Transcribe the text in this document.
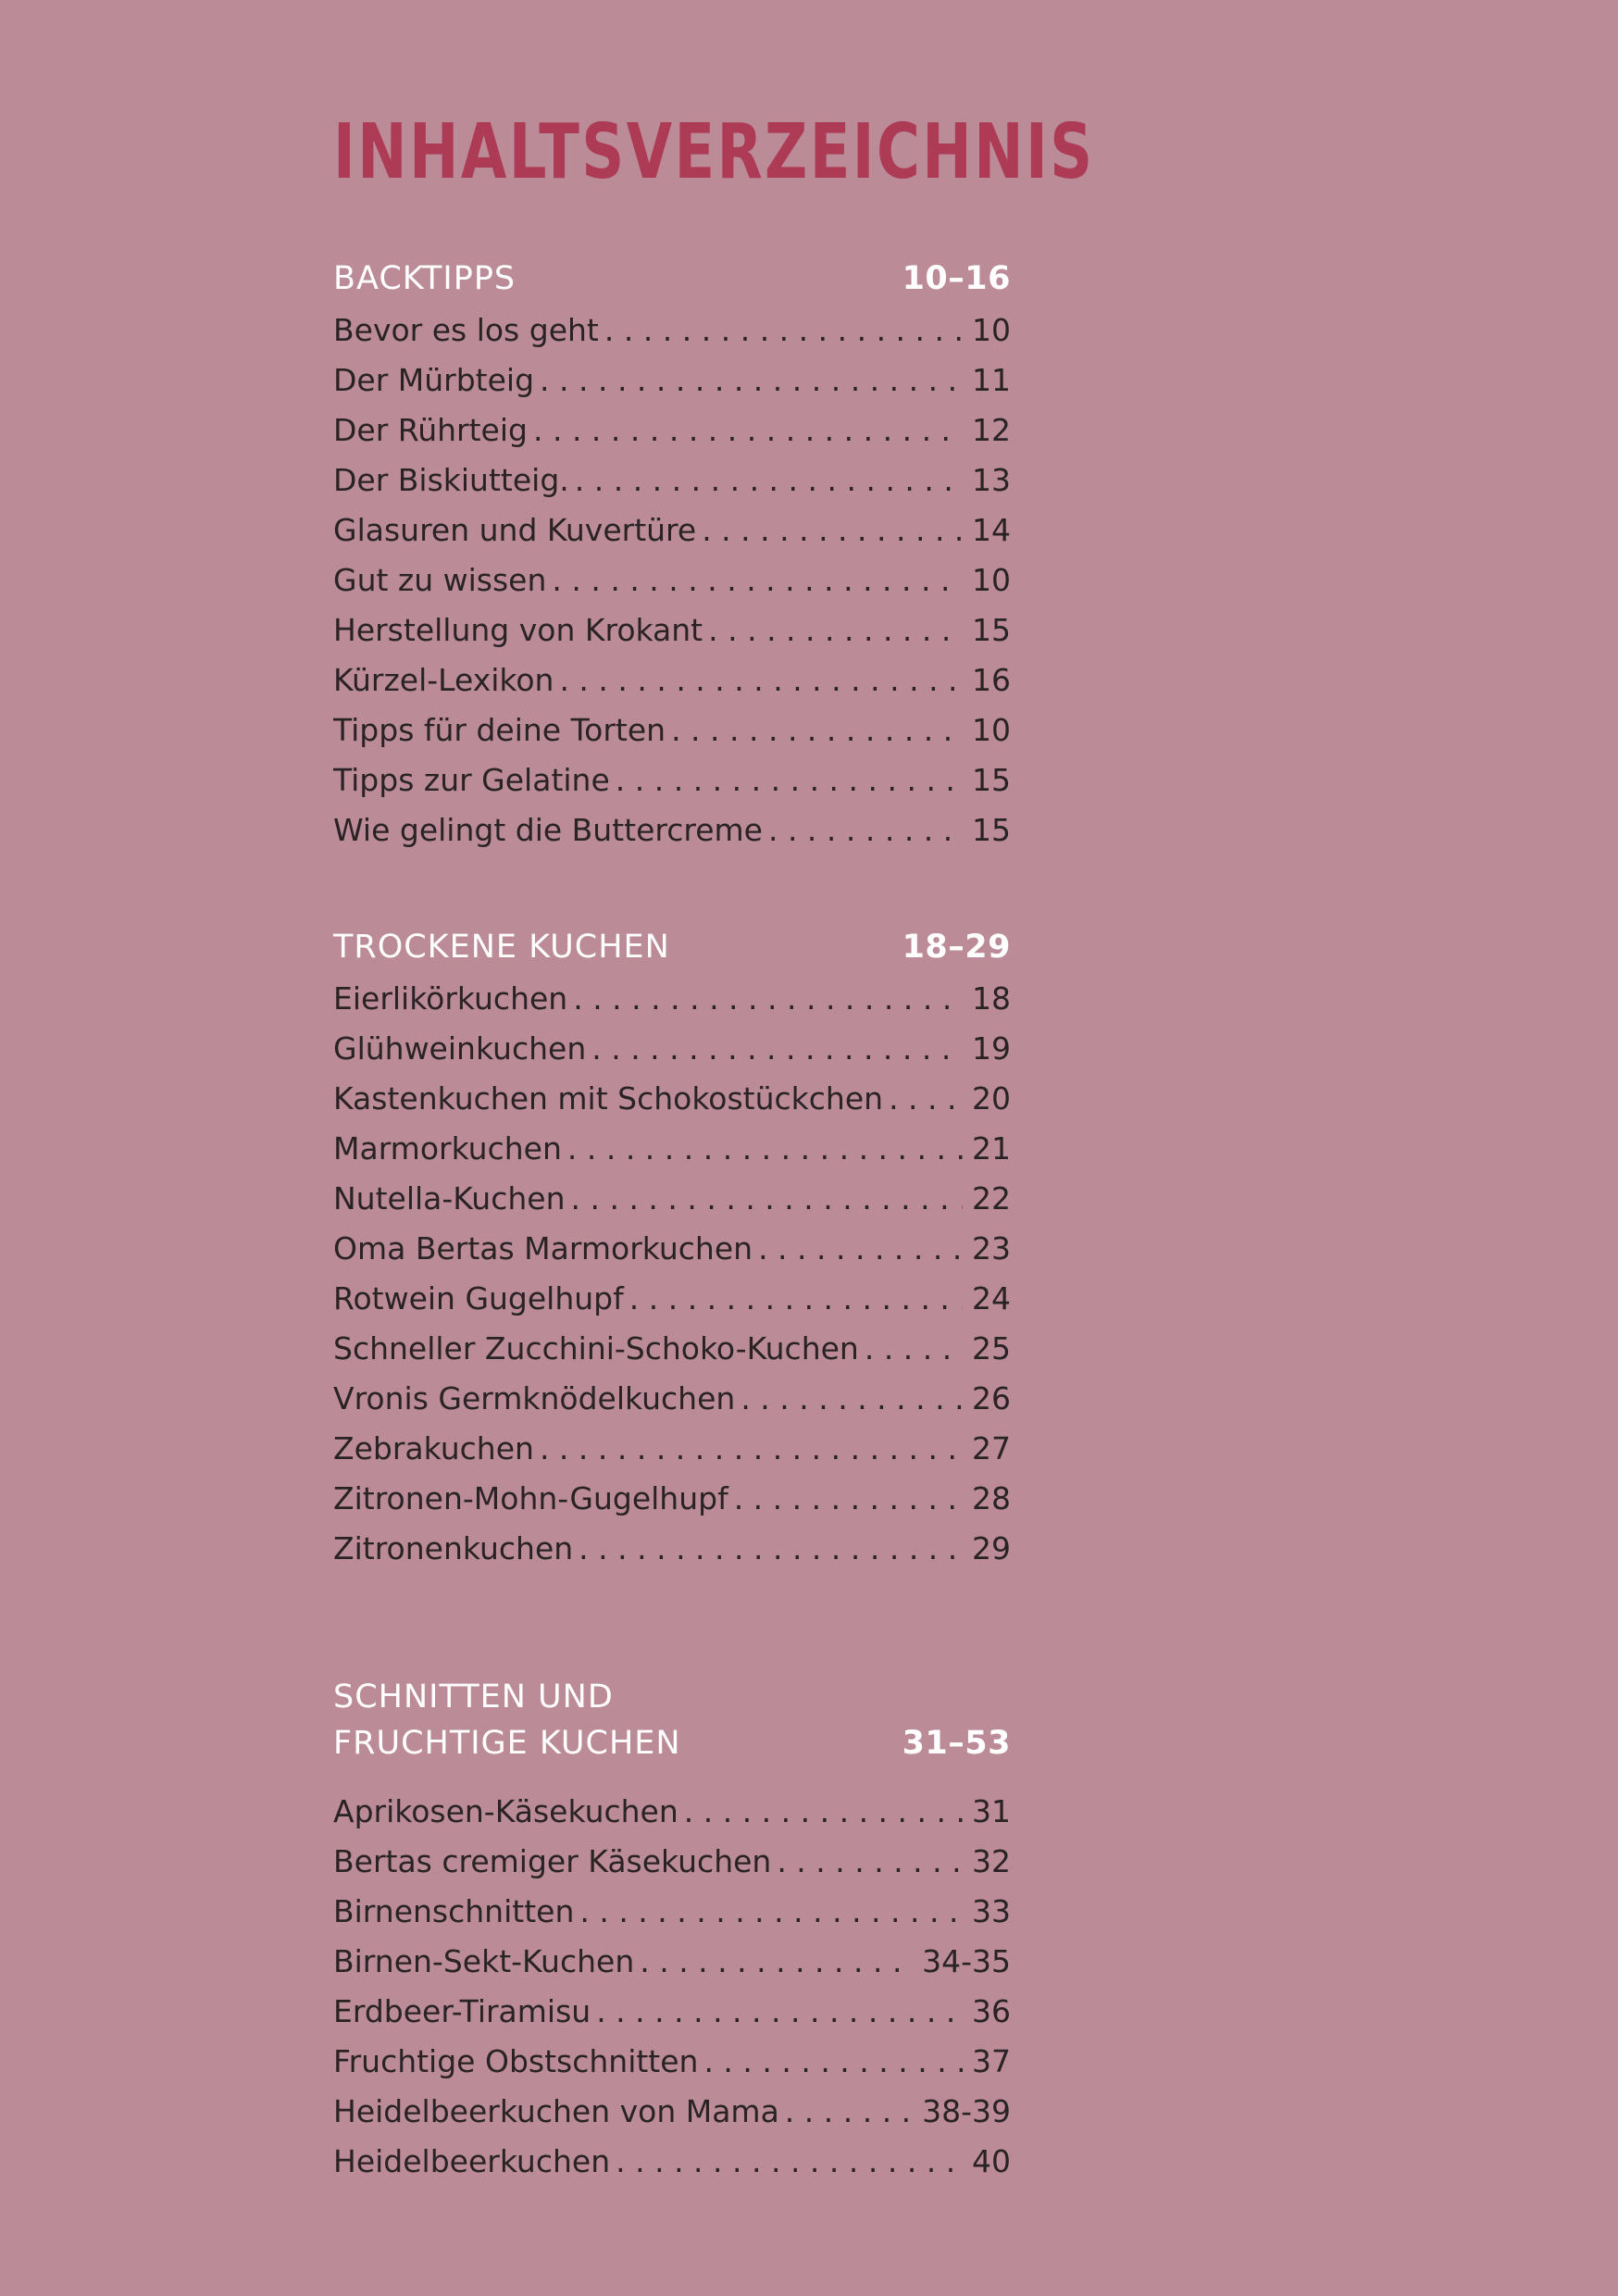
INHALTSVERZEICHNIS
BACKTIPPS	10–16
Bevor es los geht . . .	10
Der Mürbteig . . .	11
Der Rührteig . . .	12
Der Biskiutteig. . . .	13
Glasuren und Kuvertüre . . .	14
Gut zu wissen . . .	10
Herstellung von Krokant . . .	15
Kürzel-Lexikon . . .	16
Tipps für deine Torten . . .	10
Tipps zur Gelatine . . .	15
Wie gelingt die Buttercreme . . .	15
TROCKENE KUCHEN	18–29
Eierlikörkuchen . . .	18
Glühweinkuchen . . .	19
Kastenkuchen mit Schokostückchen . . .	20
Marmorkuchen . . .	21
Nutella-Kuchen . . .	22
Oma Bertas Marmorkuchen . . .	23
Rotwein Gugelhupf . . .	24
Schneller Zucchini-Schoko-Kuchen . . .	25
Vronis Germknödelkuchen . . .	26
Zebrakuchen . . .	27
Zitronen-Mohn-Gugelhupf . . .	28
Zitronenkuchen . . .	29
SCHNITTEN UND
FRUCHTIGE KUCHEN	31–53
Aprikosen-Käsekuchen . . .	31
Bertas cremiger Käsekuchen . . .	32
Birnenschnitten . . .	33
Birnen-Sekt-Kuchen . . .	34-35
Erdbeer-Tiramisu . . .	36
Fruchtige Obstschnitten . . .	37
Heidelbeerkuchen von Mama . . .	38-39
Heidelbeerkuchen . . .	40
